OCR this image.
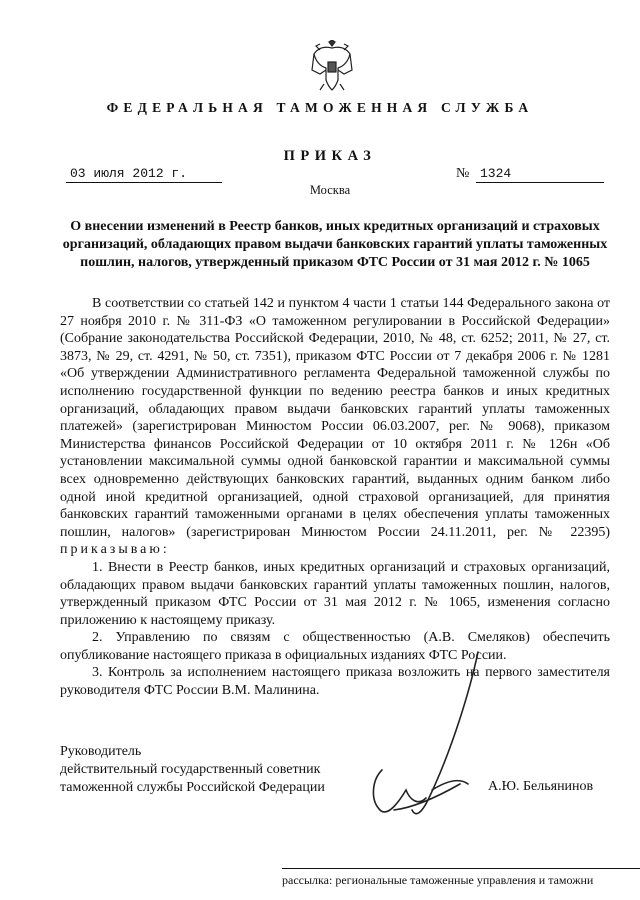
ФЕДЕРАЛЬНАЯ ТАМОЖЕННАЯ СЛУЖБА
ПРИКАЗ
03 июля 2012 г.	№ 1324
Москва
О внесении изменений в Реестр банков, иных кредитных организаций и страховых организаций, обладающих правом выдачи банковских гарантий уплаты таможенных пошлин, налогов, утвержденный приказом ФТС России от 31 мая 2012 г. № 1065

В соответствии со статьей 142 и пунктом 4 части 1 статьи 144 Федерального закона от 27 ноября 2010 г. № 311-ФЗ «О таможенном регулировании в Российской Федерации» (Собрание законодательства Российской Федерации, 2010, № 48, ст. 6252; 2011, № 27, ст. 3873, № 29, ст. 4291, № 50, ст. 7351), приказом ФТС России от 7 декабря 2006 г. № 1281 «Об утверждении Административного регламента Федеральной таможенной службы по исполнению государственной функции по ведению реестра банков и иных кредитных организаций, обладающих правом выдачи банковских гарантий уплаты таможенных платежей» (зарегистрирован Минюстом России 06.03.2007, рег. № 9068), приказом Министерства финансов Российской Федерации от 10 октября 2011 г. № 126н «Об установлении максимальной суммы одной банковской гарантии и максимальной суммы всех одновременно действующих банковских гарантий, выданных одним банком либо одной иной кредитной организацией, одной страховой организацией, для принятия банковских гарантий таможенными органами в целях обеспечения уплаты таможенных пошлин, налогов» (зарегистрирован Минюстом России 24.11.2011, рег. № 22395) приказываю:

1. Внести в Реестр банков, иных кредитных организаций и страховых организаций, обладающих правом выдачи банковских гарантий уплаты таможенных пошлин, налогов, утвержденный приказом ФТС России от 31 мая 2012 г. № 1065, изменения согласно приложению к настоящему приказу.

2. Управлению по связям с общественностью (А.В. Смеляков) обеспечить опубликование настоящего приказа в официальных изданиях ФТС России.

3. Контроль за исполнением настоящего приказа возложить на первого заместителя руководителя ФТС России В.М. Малинина.

Руководитель
действительный государственный советник
таможенной службы Российской Федерации	А.Ю. Бельянинов
рассылка: региональные таможенные управления и таможни
